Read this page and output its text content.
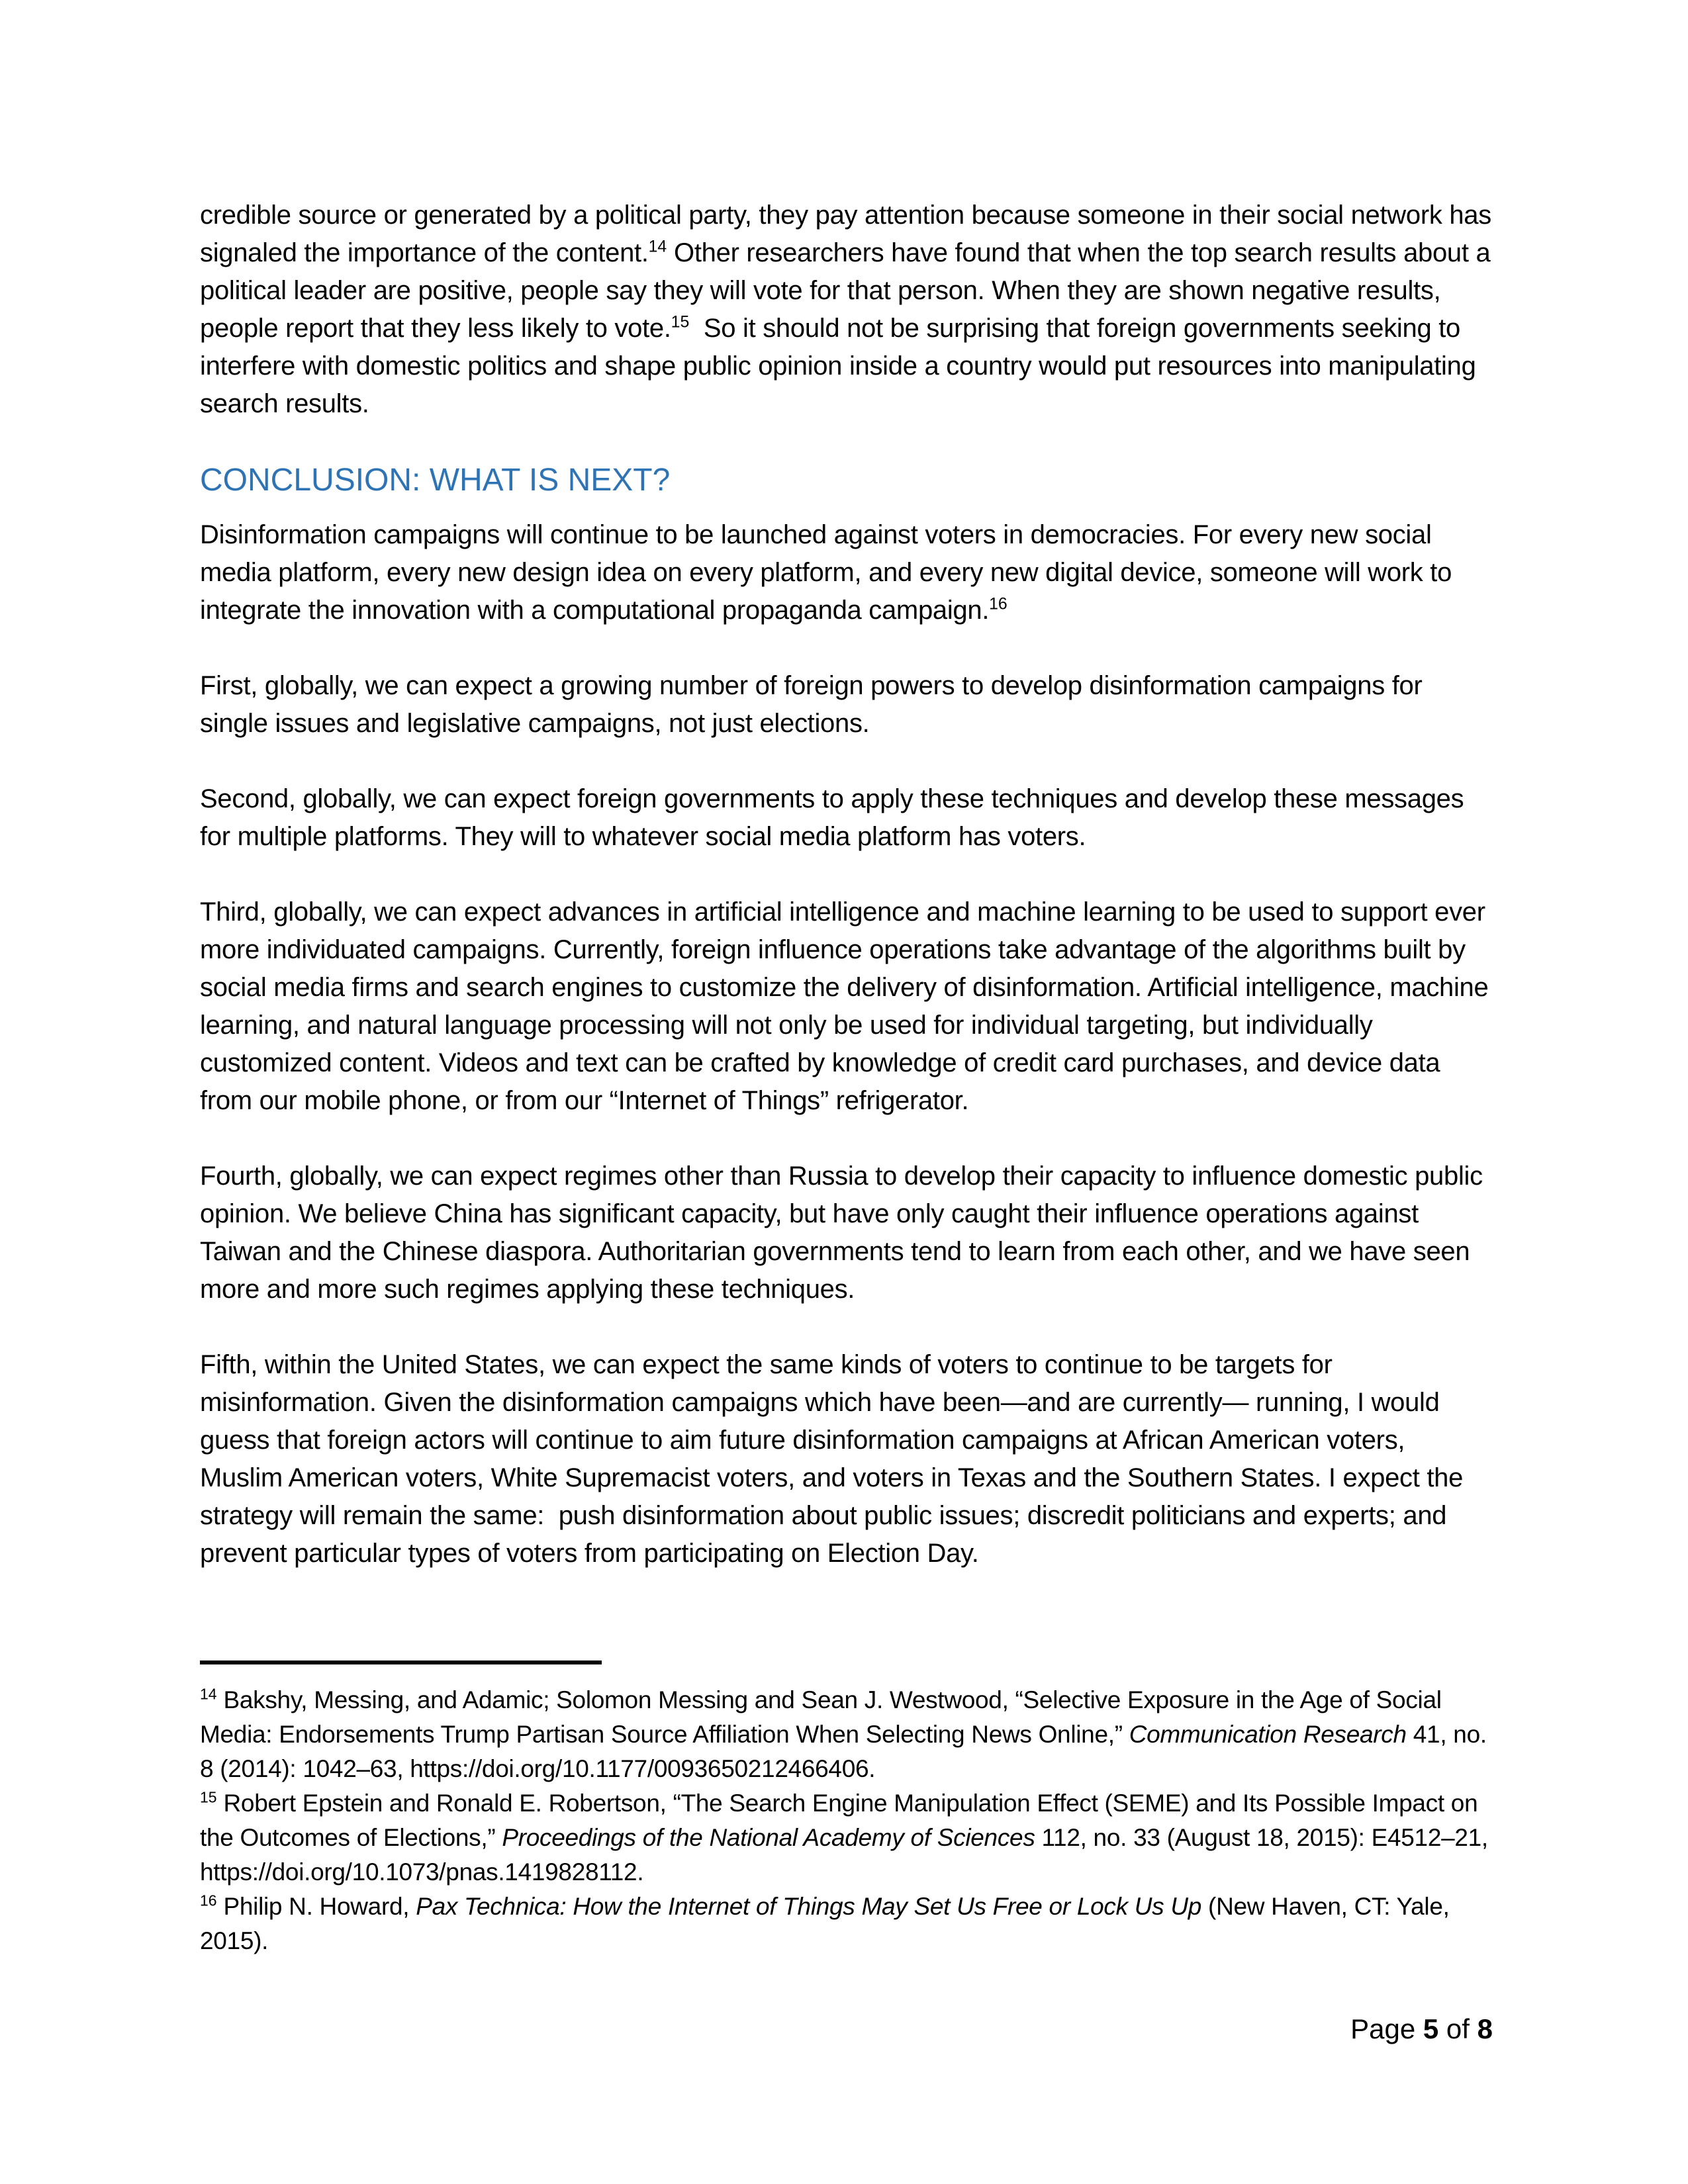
credible source or generated by a political party, they pay attention because someone in their social network has signaled the importance of the content.$^{14}$ Other researchers have found that when the top search results about a political leader are positive, people say they will vote for that person. When they are shown negative results, people report that they less likely to vote.$^{15}$  So it should not be surprising that foreign governments seeking to interfere with domestic politics and shape public opinion inside a country would put resources into manipulating search results.

CONCLUSION: WHAT IS NEXT?

Disinformation campaigns will continue to be launched against voters in democracies. For every new social media platform, every new design idea on every platform, and every new digital device, someone will work to integrate the innovation with a computational propaganda campaign.$^{16}$

First, globally, we can expect a growing number of foreign powers to develop disinformation campaigns for single issues and legislative campaigns, not just elections.

Second, globally, we can expect foreign governments to apply these techniques and develop these messages for multiple platforms. They will to whatever social media platform has voters.

Third, globally, we can expect advances in artificial intelligence and machine learning to be used to support ever more individuated campaigns. Currently, foreign influence operations take advantage of the algorithms built by social media firms and search engines to customize the delivery of disinformation. Artificial intelligence, machine learning, and natural language processing will not only be used for individual targeting, but individually customized content. Videos and text can be crafted by knowledge of credit card purchases, and device data from our mobile phone, or from our “Internet of Things” refrigerator.

Fourth, globally, we can expect regimes other than Russia to develop their capacity to influence domestic public opinion. We believe China has significant capacity, but have only caught their influence operations against Taiwan and the Chinese diaspora. Authoritarian governments tend to learn from each other, and we have seen more and more such regimes applying these techniques.

Fifth, within the United States, we can expect the same kinds of voters to continue to be targets for misinformation. Given the disinformation campaigns which have been—and are currently— running, I would guess that foreign actors will continue to aim future disinformation campaigns at African American voters, Muslim American voters, White Supremacist voters, and voters in Texas and the Southern States. I expect the strategy will remain the same:  push disinformation about public issues; discredit politicians and experts; and prevent particular types of voters from participating on Election Day.

$^{14}$ Bakshy, Messing, and Adamic; Solomon Messing and Sean J. Westwood, “Selective Exposure in the Age of Social Media: Endorsements Trump Partisan Source Affiliation When Selecting News Online,” Communication Research 41, no. 8 (2014): 1042–63, https://doi.org/10.1177/0093650212466406.

$^{15}$ Robert Epstein and Ronald E. Robertson, “The Search Engine Manipulation Effect (SEME) and Its Possible Impact on the Outcomes of Elections,” Proceedings of the National Academy of Sciences 112, no. 33 (August 18, 2015): E4512–21, https://doi.org/10.1073/pnas.1419828112.

$^{16}$ Philip N. Howard, Pax Technica: How the Internet of Things May Set Us Free or Lock Us Up (New Haven, CT: Yale, 2015).

Page 5 of 8
